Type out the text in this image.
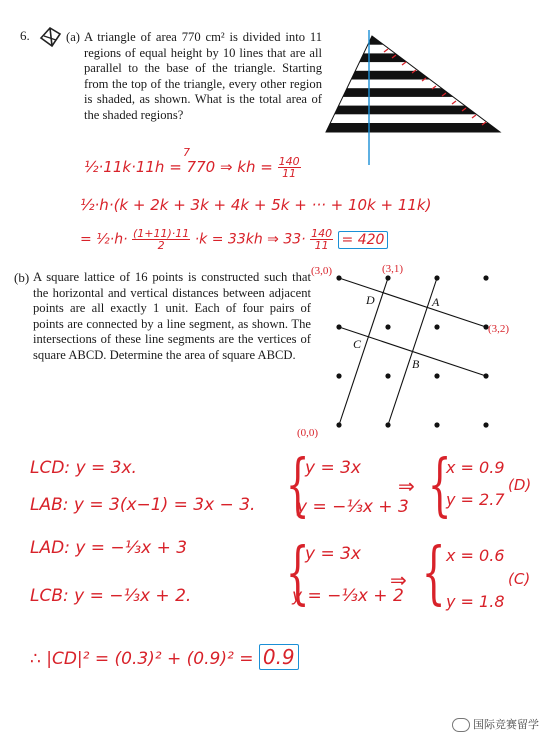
6.	(a) A triangle of area 770 cm² is divided into 11 regions of equal height by 10 lines that are all parallel to the base of the triangle. Starting from the top of the triangle, every other region is shaded, as shown. What is the total area of the shaded regions?
7
½·11k·11h = 770 ⇒ kh = $\frac{140}{11}$
½·h·(k + 2k + 3k + 4k + 5k + ··· + 10k + 11k)
= ½·h· $\frac{(1+11)\cdot 11}{2} \cdot k = 33kh$ ⇒ $33\cdot \frac{140}{11} = 420$
(b) A square lattice of 16 points is constructed such that the horizontal and vertical distances between adjacent points are all exactly 1 unit. Each of four pairs of points are connected by a line segment, as shown. The intersections of these line segments are the vertices of square ABCD. Determine the area of square ABCD.
D	A
C
B
(3,0)	(3,1)
(3,2)
(0,0)
LCD: y = 3x.
LAB: y = 3(x−1) = 3x − 3.
LAD: y = −⅓x + 3
LCB: y = −⅓x + 2.
{
y = 3x
y = −⅓x + 3
⇒ {
x = 0.9
y = 2.7
(D)
{
y = 3x
y = −⅓x + 2
⇒ { x = 0.6
y = 1.8
(C)
∴ |CD|² = (0.3)² + (0.9)² = 0.9
国际竞赛留学
